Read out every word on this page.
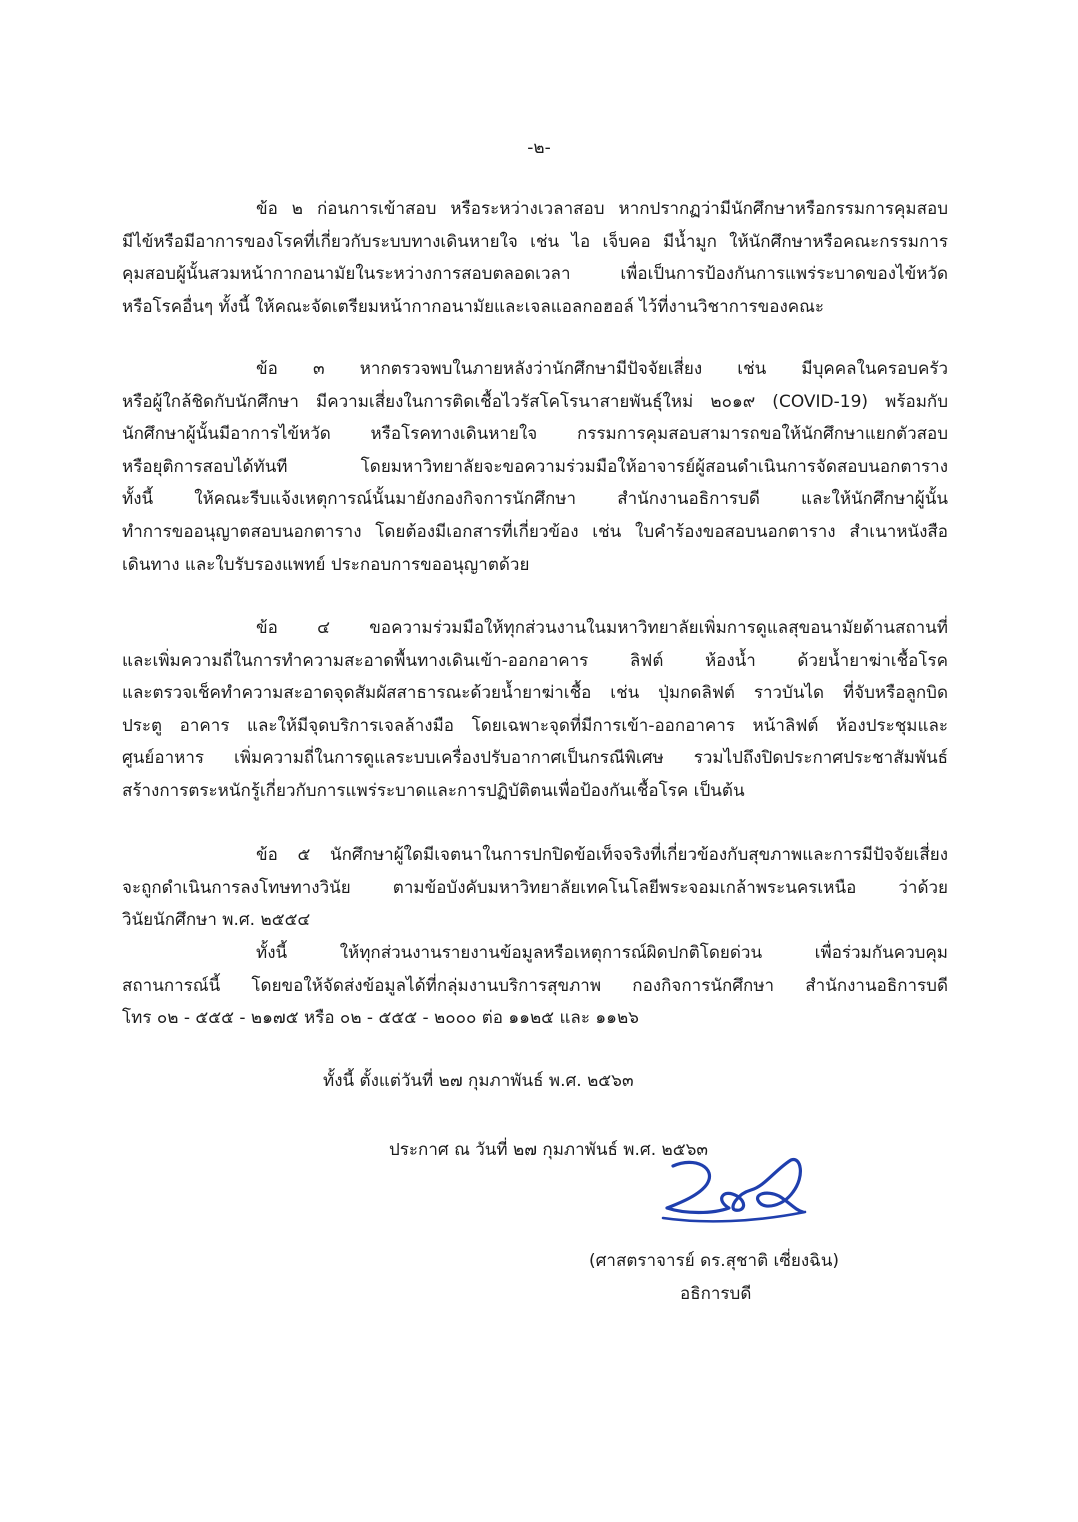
-๒-
ข้อ ๒ ก่อนการเข้าสอบ หรือระหว่างเวลาสอบ หากปรากฏว่ามีนักศึกษาหรือกรรมการคุมสอบ
มีไข้หรือมีอาการของโรคที่เกี่ยวกับระบบทางเดินหายใจ เช่น ไอ เจ็บคอ มีน้ำมูก ให้นักศึกษาหรือคณะกรรมการ
คุมสอบผู้นั้นสวมหน้ากากอนามัยในระหว่างการสอบตลอดเวลา เพื่อเป็นการป้องกันการแพร่ระบาดของไข้หวัด
หรือโรคอื่นๆ ทั้งนี้ ให้คณะจัดเตรียมหน้ากากอนามัยและเจลแอลกอฮอล์ ไว้ที่งานวิชาการของคณะ
ข้อ ๓ หากตรวจพบในภายหลังว่านักศึกษามีปัจจัยเสี่ยง เช่น มีบุคคลในครอบครัว
หรือผู้ใกล้ชิดกับนักศึกษา มีความเสี่ยงในการติดเชื้อไวรัสโคโรนาสายพันธุ์ใหม่ ๒๐๑๙ (COVID-19) พร้อมกับ
นักศึกษาผู้นั้นมีอาการไข้หวัด หรือโรคทางเดินหายใจ กรรมการคุมสอบสามารถขอให้นักศึกษาแยกตัวสอบ
หรือยุติการสอบได้ทันที โดยมหาวิทยาลัยจะขอความร่วมมือให้อาจารย์ผู้สอนดำเนินการจัดสอบนอกตาราง
ทั้งนี้ ให้คณะรีบแจ้งเหตุการณ์นั้นมายังกองกิจการนักศึกษา สำนักงานอธิการบดี และให้นักศึกษาผู้นั้น
ทำการขออนุญาตสอบนอกตาราง โดยต้องมีเอกสารที่เกี่ยวข้อง เช่น ใบคำร้องขอสอบนอกตาราง สำเนาหนังสือ
เดินทาง และใบรับรองแพทย์ ประกอบการขออนุญาตด้วย
ข้อ ๔ ขอความร่วมมือให้ทุกส่วนงานในมหาวิทยาลัยเพิ่มการดูแลสุขอนามัยด้านสถานที่
และเพิ่มความถี่ในการทำความสะอาดพื้นทางเดินเข้า-ออกอาคาร ลิฟต์ ห้องน้ำ ด้วยน้ำยาฆ่าเชื้อโรค
และตรวจเช็คทำความสะอาดจุดสัมผัสสาธารณะด้วยน้ำยาฆ่าเชื้อ เช่น ปุ่มกดลิฟต์ ราวบันได ที่จับหรือลูกบิด
ประตู อาคาร และให้มีจุดบริการเจลล้างมือ โดยเฉพาะจุดที่มีการเข้า-ออกอาคาร หน้าลิฟต์ ห้องประชุมและ
ศูนย์อาหาร เพิ่มความถี่ในการดูแลระบบเครื่องปรับอากาศเป็นกรณีพิเศษ รวมไปถึงปิดประกาศประชาสัมพันธ์
สร้างการตระหนักรู้เกี่ยวกับการแพร่ระบาดและการปฏิบัติตนเพื่อป้องกันเชื้อโรค เป็นต้น
ข้อ ๕ นักศึกษาผู้ใดมีเจตนาในการปกปิดข้อเท็จจริงที่เกี่ยวข้องกับสุขภาพและการมีปัจจัยเสี่ยง
จะถูกดำเนินการลงโทษทางวินัย ตามข้อบังคับมหาวิทยาลัยเทคโนโลยีพระจอมเกล้าพระนครเหนือ ว่าด้วย
วินัยนักศึกษา พ.ศ. ๒๕๕๔
ทั้งนี้ ให้ทุกส่วนงานรายงานข้อมูลหรือเหตุการณ์ผิดปกติโดยด่วน เพื่อร่วมกันควบคุม
สถานการณ์นี้ โดยขอให้จัดส่งข้อมูลได้ที่กลุ่มงานบริการสุขภาพ กองกิจการนักศึกษา สำนักงานอธิการบดี
โทร ๐๒ - ๕๕๕ - ๒๑๗๕ หรือ ๐๒ - ๕๕๕ - ๒๐๐๐ ต่อ ๑๑๒๕ และ ๑๑๒๖
ทั้งนี้ ตั้งแต่วันที่ ๒๗ กุมภาพันธ์ พ.ศ. ๒๕๖๓
ประกาศ ณ วันที่ ๒๗ กุมภาพันธ์ พ.ศ. ๒๕๖๓
(ศาสตราจารย์ ดร.สุชาติ เซี่ยงฉิน)
อธิการบดี
